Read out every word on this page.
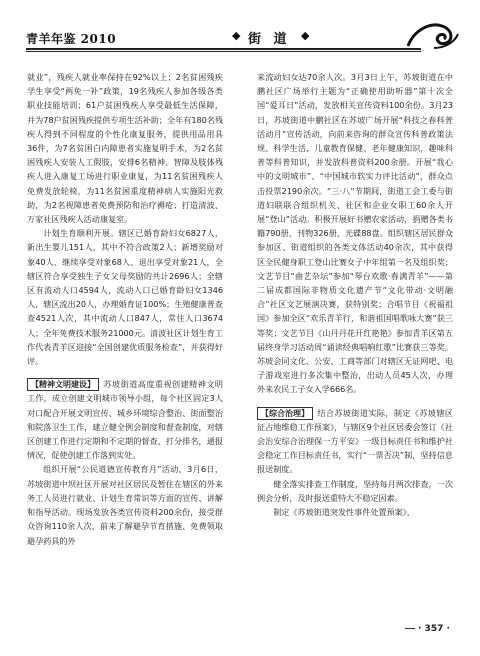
青羊年鉴 2010	◆ 街 道 ◆

就业”，残疾人就业率保持在92%以上；2名贫困残疾学生享受“两免一补”政策，19名残疾人参加各级各类职业技能培训；61户贫困残疾人享受最低生活保障，并为78户贫困残疾提供专项生活补助；全年有180名残疾人得到不同程度的个性化康复服务，提供用品用具36件，为7名贫困白内障患者实施复明手术，为2名贫困残疾人安装人工假肢，安排6名精神、智障及肢体残疾人进入康复工场进行职业康复，为11名贫困残疾人免费发放轮椅，为11名贫困重度精神病人实施阳光救助，为2名视障患者免费预防和治疗褥疮；打造清波、万家社区残疾人活动康复室。

计划生育顺利开展。辖区已婚育龄妇女6827人，新出生婴儿151人，其中不符合政策2人；新增奖励对象40人、继续享受对象68人、退出享受对象21人，全辖区符合享受独生子女父母奖励的共计2696人；全辖区有流动人口4594人，流动人口已婚育龄妇女1346人，辖区流出20人，办理婚育证100%；生殖健康普查查4521人次，其中流动人口847人，常住人口3674人；全年免费技术服务21000元。清波社区计划生育工作代表青羊区迎接“全国创建优质服务检查”，并获得好评。

【精神文明建设】 苏坡街道高度重视创建精神文明工作，成立创建文明城市领导小组，每个社区固定3人对口配合开展文明宣传、城乡环境综合整治、街面整治和院落卫生工作，建立健全例会制度和督查制度，对辖区创建工作进行定期和不定期的督查，打分排名，通报情况，促使创建工作落到实处。

组织开展“公民道德宣传教育月”活动，3月6日，苏坡街道中坝社区开展对社区居民及暂住在辖区的外来务工人员进行就业、计划生育常识等方面的宣传、讲解和指导活动。现场发放各类宣传资料200余份，接受群众咨询110余人次，前来了解避孕节育措施、免费领取避孕药具的外

来流动妇女达70余人次。3月3日上午，苏坡街道在中鹏社区广场举行主题为“正确使用助听器”第十次全国“爱耳日”活动，发放相关宣传资料100余份。3月23日，苏坡街道中鹏社区在苏坡广场开展“科技之春科普活动月”宣传活动，向前来咨询的群众宣传科普政策法规、科学生活、儿童教育保健、老年健康知识，趣味科普等科普知识，并发放科普资料200余册。开展“我心中的文明城市”、“中国城市软实力评比活动”，群众点击投票2190余次。“三·八”节期间，街道工会工委与街道妇联联合组织机关、社区和企业女职工60余人开展“登山”活动。积极开展好书赠农家活动，捐赠各类书籍790册，刊物326册，光碟88盘。组织辖区居民群众参加区、街道组织的各类文体活动40余次，其中获得区全民健身职工登山比赛女子中年组第一名及组织奖；文艺节目“曲艺杂坛”参加“琴台欢歌·春满青羊”——第二届成都国际非物质文化遗产节“文化带动·文明融合”社区文艺展演决赛，获特别奖；合唱节目《祝福祖国》参加全区“欢乐青羊行，和谐祖国唱歌咏大赛”获三等奖；文艺节目《山丹丹花开红艳艳》参加青羊区第五届终身学习活动周“诵读经典唱响红歌”比赛获三等奖。苏坡会同文化、公安、工商等部门对辖区无证网吧、电子游戏室进行多次集中整治，出动人员45人次，办理外来农民工子女入学666名。

【综合治理】 结合苏坡街道实际，制定《苏坡辖区征占地维稳工作预案》，与辖区9个社区居委会签订《社会治安综合治理保一方平安》一级目标责任书和维护社会稳定工作目标责任书，实行“一票否决”制，坚持信息报送制度。

健全落实排查工作制度，坚持每月两次排查，一次例会分析，及时报送重特大不稳定因素。

制定《苏坡街道突发性事件处置预案》，

· 357 ·
